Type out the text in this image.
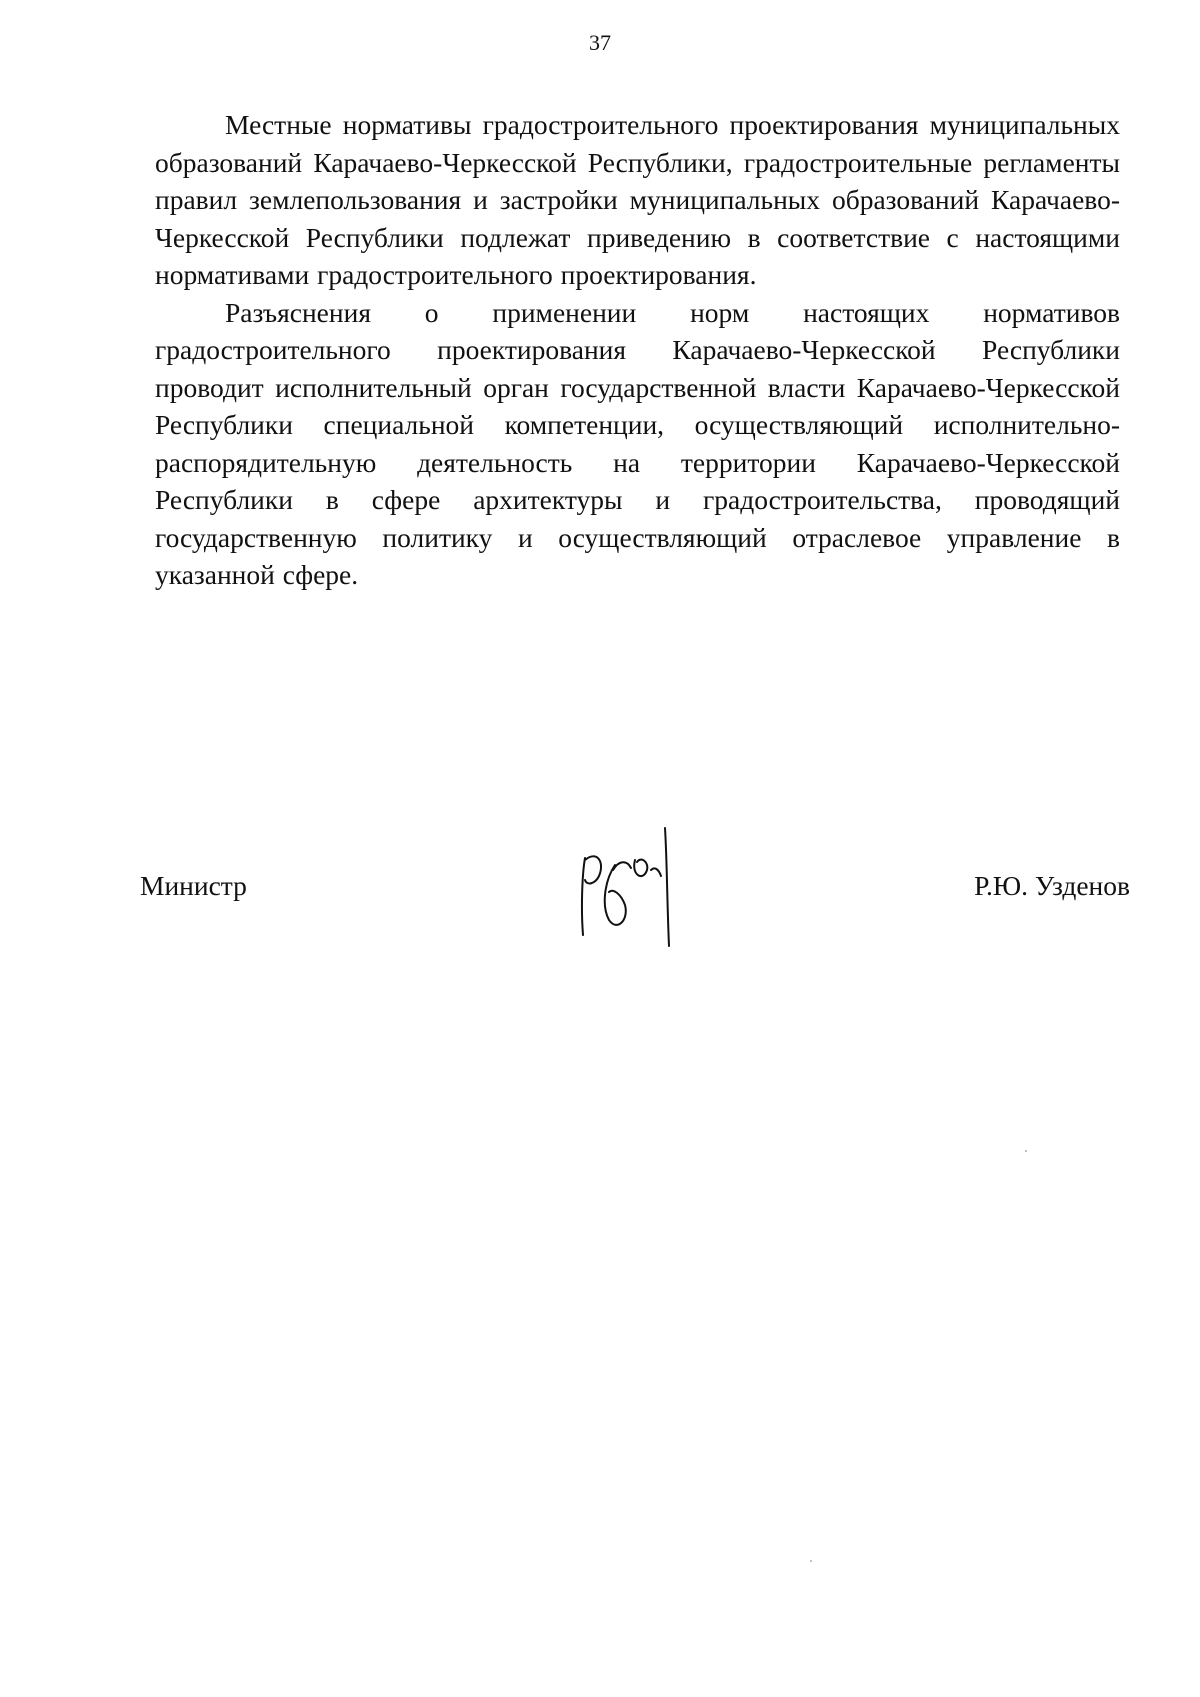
37

Местные нормативы градостроительного проектирования муниципальных образований Карачаево-Черкесской Республики, градостроительные регламенты правил землепользования и застройки муниципальных образований Карачаево-Черкесской Республики подлежат приведению в соответствие с настоящими нормативами градостроительного проектирования.

Разъяснения о применении норм настоящих нормативов градостроительного проектирования Карачаево-Черкесской Республики проводит исполнительный орган государственной власти Карачаево-Черкесской Республики специальной компетенции, осуществляющий исполнительно-распорядительную деятельность на территории Карачаево-Черкесской Республики в сфере архитектуры и градостроительства, проводящий государственную политику и осуществляющий отраслевое управление в указанной сфере.

Министр	Р.Ю. Узденов
